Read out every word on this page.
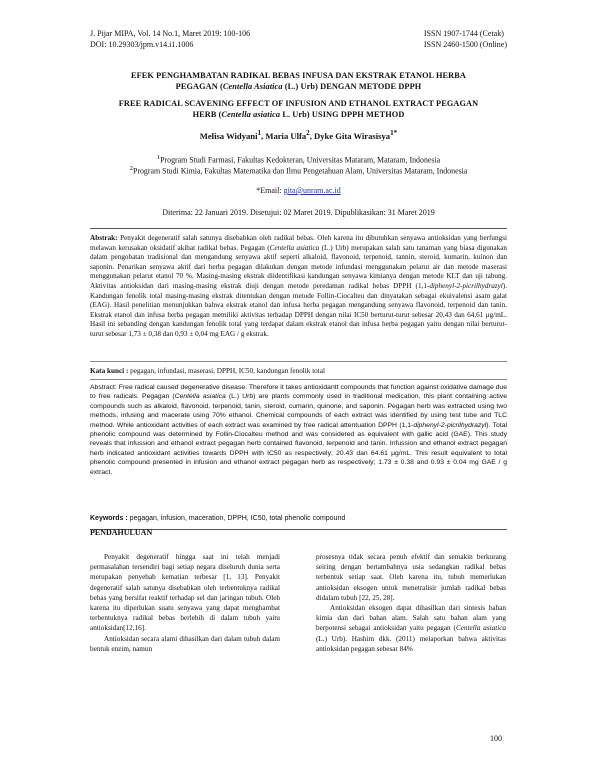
J. Pijar MIPA, Vol. 14 No.1, Maret 2019: 100-106
DOI: 10.29303/jpm.v14.i1.1006
ISSN 1907-1744 (Cetak)
ISSN 2460-1500 (Online)
EFEK PENGHAMBATAN RADIKAL BEBAS INFUSA DAN EKSTRAK ETANOL HERBA
PEGAGAN (Centella Asiatica (L.) Urb) DENGAN METODE DPPH
FREE RADICAL SCAVENING EFFECT OF INFUSION AND ETHANOL EXTRACT PEGAGAN
HERB (Centella asiatica L. Urb) USING DPPH METHOD
Melisa Widyani$^1$, Maria Ulfa$^2$, Dyke Gita Wirasisya$^{1*}$
$^1$Program Studi Farmasi, Fakultas Kedokteran, Universitas Mataram, Mataram, Indonesia
$^2$Program Studi Kimia, Fakultas Matematika dan Ilmu Pengetahuan Alam, Universitas Mataram, Indonesia
*Email: gita@unram.ac.id
Diterima: 22 Januari 2019. Disetujui: 02 Maret 2019. Dipublikasikan: 31 Maret 2019

Abstrak: Penyakit degeneratif salah satunya disebabkan oleh radikal bebas. Oleh karena itu dibutuhkan senyawa antioksidan yang berfungsi melawan kerusakan oksidatif akibat radikal bebas. Pegagan (Centella asiatica (L.) Urb) merupakan salah satu tanaman yang biasa digunakan dalam pengobatan tradisional dan mengandung senyawa aktif seperti alkaloid, flavonoid, terpenoid, tannin, steroid, kumarin, kuinon dan saponin. Penarikan senyawa aktif dari herba pegagan dilakukan dengan metode infundasi menggunakan pelarut air dan metode maserasi menggunakan pelarut etanol 70 %. Masing-masing ekstrak diidentifikasi kandungan senyawa kimianya dengan metode KLT dan uji tabung. Aktivitas antioksidan dari masing-masing ekstrak diuji dengan metode peredaman radikal bebas DPPH (1,1-diphenyl-2-picrilhydrazyl). Kandungan fenolik total masing-masing ekstrak ditentukan dengan metode Follin-Ciocalteu dan dinyatakan sebagai ekuivalensi asam galat (EAG). Hasil penelitian menunjukkan bahwa ekstrak etanol dan infusa herba pegagan mengandung senyawa flavonoid, terpenoid dan tanin. Ekstrak etanol dan infusa herba pegagan memiliki aktivitas terhadap DPPH dengan nilai IC50 berturut-turut sebesar 20,43 dan 64,61 μg/mL. Hasil ini sebanding dengan kandungan fenolik total yang terdapat dalam ekstrak etanol dan infusa herba pegagan yaitu dengan nilai berturut-turut sebesar 1,73 ± 0,38 dan 0,93 ± 0,04 mg EAG / g ekstrak.

Kata kunci : pegagan, infundasi, maserasi, DPPH, IC50, kandungan fenolik total

Abstract: Free radical caused degenerative disease. Therefore it takes antioxidantt compounds that function against oxidative damage due to free radicals. Pegagan (Centella asiatica (L.) Urb) are plants commonly used in traditional medication, this plant containing active compounds such as alkaloid, flavonoid, terpenoid, tanin, steroid, cumarin, quinone, and saponin. Pegagan herb was extracted using two methods, infusing and macerate using 70% ethanol. Chemical compounds of each extract was identified by using test tube and TLC method. While antioxidant activities of each extract was examined by free radical attentuation DPPH (1,1-diphenyl-2-picrilhydrazyl). Total phenolic compound was determined by Follin-Ciocalteu method and was considered as equivalent with gallic acid (GAE). This study reveals that infussion and ethanol extract pegagan herb contained flavonoid, terpenoid and tanin. Infussion and ethanol extract pegagan herb indicated antioxidant activities towards DPPH with IC50 as respectively; 20.43 dan 64.61 μg/mL. This result equivalent to total phenolic compound presented in infusion and ethanol extract pegagan herb as respectively; 1.73 ± 0.38 and 0.93 ± 0.04 mg GAE / g extract.

Keywords : pegagan, infusion, maceration, DPPH, IC50, total phenolic compound

PENDAHULUAN

Penyakit degeneratif hingga saat ini telah menjadi permasalahan tersendiri bagi setiap negara diseluruh dunia serta merupakan penyebab kematian terbesar [1, 13]. Penyakit degeneratif salah satunya disebabkan oleh terbentuknya radikal bebas yang bersifat reaktif terhadap sel dan jaringan tubuh. Oleh karena itu diperlukan suatu senyawa yang dapat menghambat terbentuknya radikal bebas berlebih di dalam tubuh yaitu antioksidan[12,16].

Antioksidan secara alami dihasilkan dari dalam tubuh dalam bentuk enzim, namun

prosesnya tidak secara penuh efektif dan semakin berkurang seiring dengan bertambahnya usia sedangkan radikal bebas terbentuk setiap saat. Oleh karena itu, tubuh memerlukan antioksidan eksogen untuk menetralisir jumlah radikal bebas didalam tubuh [22, 25, 28].

Antioksidan eksogen dapat dihasilkan dari sintesis bahan kimia dan dari bahan alam. Salah satu bahan alam yang berpotensi sebagai antioksidan yaitu pegagan (Centella asiatica (L.) Urb). Hashim dkk. (2011) melaporkan bahwa aktivitas antioksidan pegagan sebesar 84%

100
